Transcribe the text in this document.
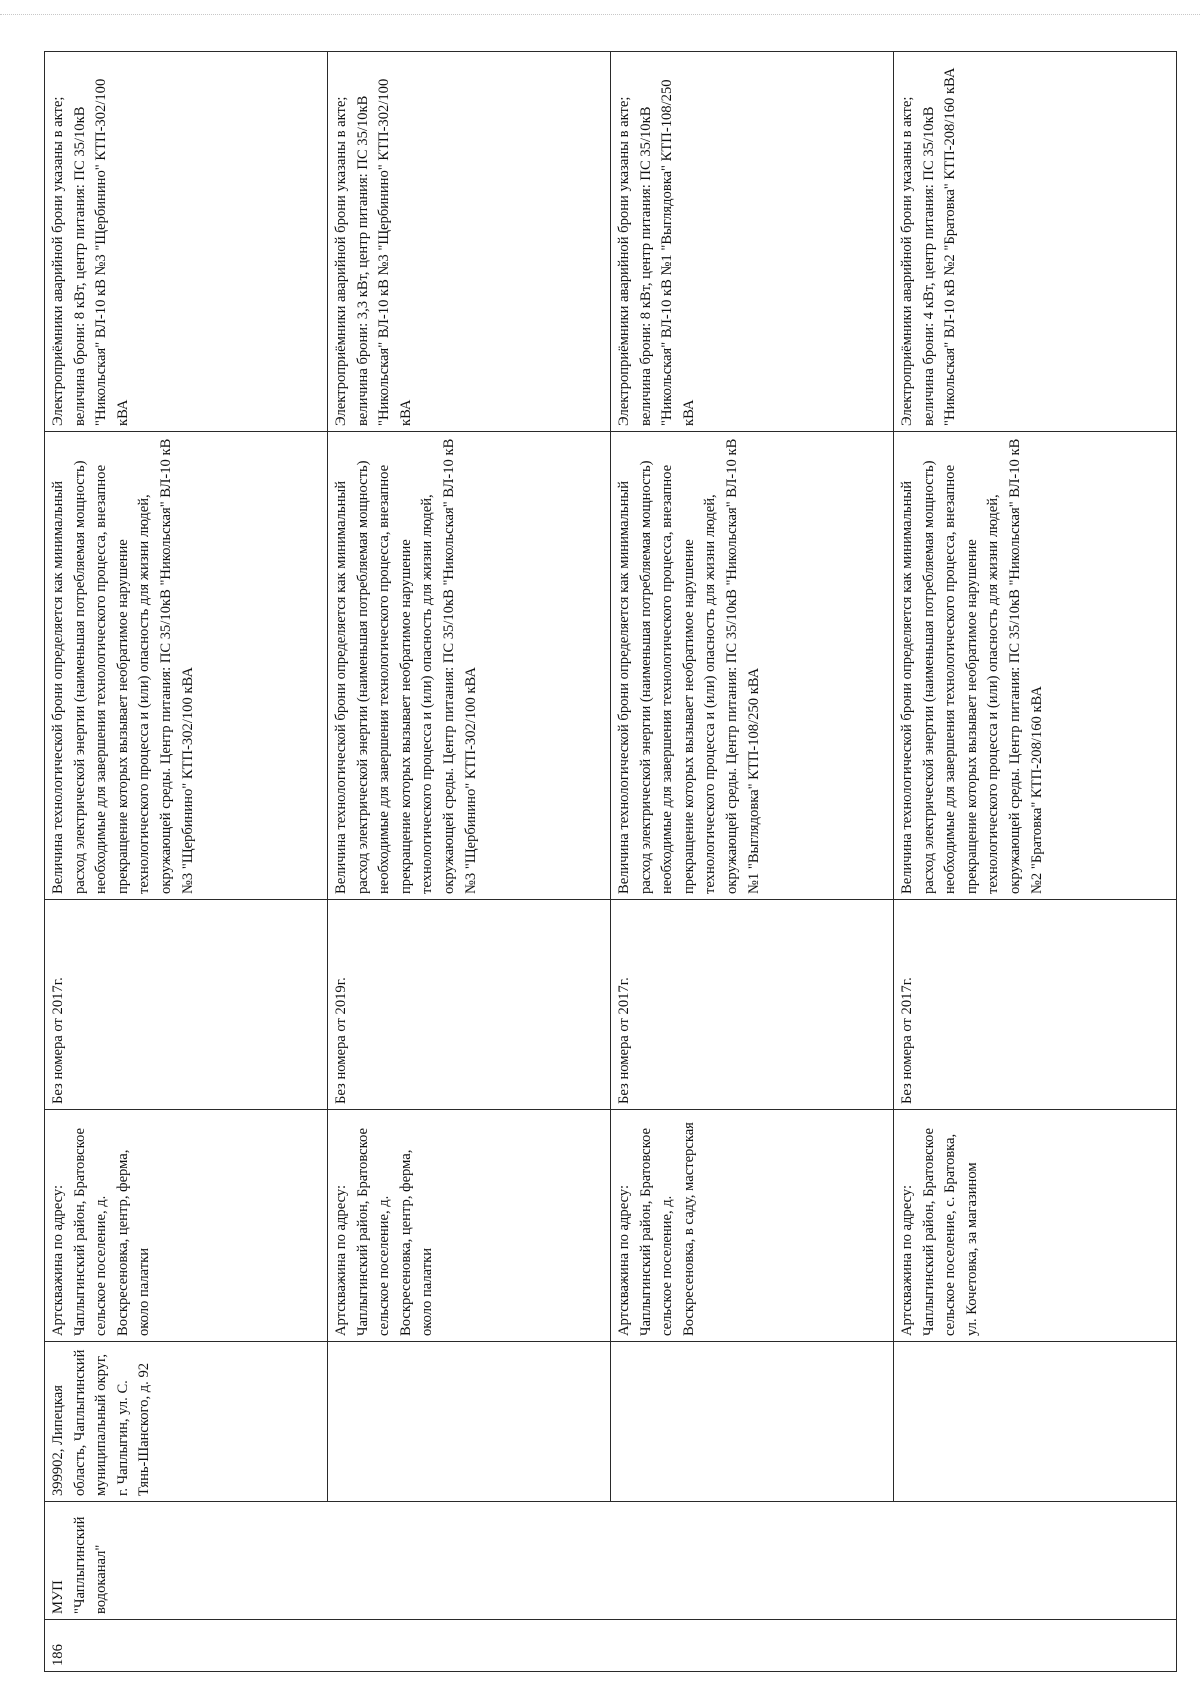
186	МУП "Чаплыгинский водоканал"	399902, Липецкая область, Чаплыгинский муниципальный округ, г. Чаплыгин, ул. С. Тянь-Шанского, д. 92	Артскважина по адресу: Чаплыгинский район, Братовское сельское поселение, д. Воскресеновка, центр, ферма, около палатки	Без номера от 2017г.	Величина технологической брони определяется как минимальный расход электрической энергии (наименьшая потребляемая мощность) необходимые для завершения технологического процесса, внезапное прекращение которых вызывает необратимое нарушение технологического процесса и (или) опасность для жизни людей, окружающей среды. Центр питания: ПС 35/10кВ "Никольская" ВЛ-10 кВ №3 "Щербинино" КТП-302/100 кВА	Электроприёмники аварийной брони указаны в акте; величина брони: 8 кВт, центр питания: ПС 35/10кВ "Никольская" ВЛ-10 кВ №3 "Щербинино" КТП-302/100 кВА
			Артскважина по адресу: Чаплыгинский район, Братовское сельское поселение, д. Воскресеновка, центр, ферма, около палатки	Без номера от 2019г.	Величина технологической брони определяется как минимальный расход электрической энергии (наименьшая потребляемая мощность) необходимые для завершения технологического процесса, внезапное прекращение которых вызывает необратимое нарушение технологического процесса и (или) опасность для жизни людей, окружающей среды. Центр питания: ПС 35/10кВ "Никольская" ВЛ-10 кВ №3 "Щербинино" КТП-302/100 кВА	Электроприёмники аварийной брони указаны в акте; величина брони: 3,3 кВт, центр питания: ПС 35/10кВ "Никольская" ВЛ-10 кВ №3 "Щербинино" КТП-302/100 кВА
			Артскважина по адресу: Чаплыгинский район, Братовское сельское поселение, д. Воскресеновка, в саду, мастерская	Без номера от 2017г.	Величина технологической брони определяется как минимальный расход электрической энергии (наименьшая потребляемая мощность) необходимые для завершения технологического процесса, внезапное прекращение которых вызывает необратимое нарушение технологического процесса и (или) опасность для жизни людей, окружающей среды. Центр питания: ПС 35/10кВ "Никольская" ВЛ-10 кВ №1 "Выглядовка" КТП-108/250 кВА	Электроприёмники аварийной брони указаны в акте; величина брони: 8 кВт, центр питания: ПС 35/10кВ "Никольская" ВЛ-10 кВ №1 "Выглядовка" КТП-108/250 кВА
			Артскважина по адресу: Чаплыгинский район, Братовское сельское поселение, с. Братовка, ул. Кочетовка, за магазином	Без номера от 2017г.	Величина технологической брони определяется как минимальный расход электрической энергии (наименьшая потребляемая мощность) необходимые для завершения технологического процесса, внезапное прекращение которых вызывает необратимое нарушение технологического процесса и (или) опасность для жизни людей, окружающей среды. Центр питания: ПС 35/10кВ "Никольская" ВЛ-10 кВ №2 "Братовка" КТП-208/160 кВА	Электроприёмники аварийной брони указаны в акте; величина брони: 4 кВт, центр питания: ПС 35/10кВ "Никольская" ВЛ-10 кВ №2 "Братовка" КТП-208/160 кВА
